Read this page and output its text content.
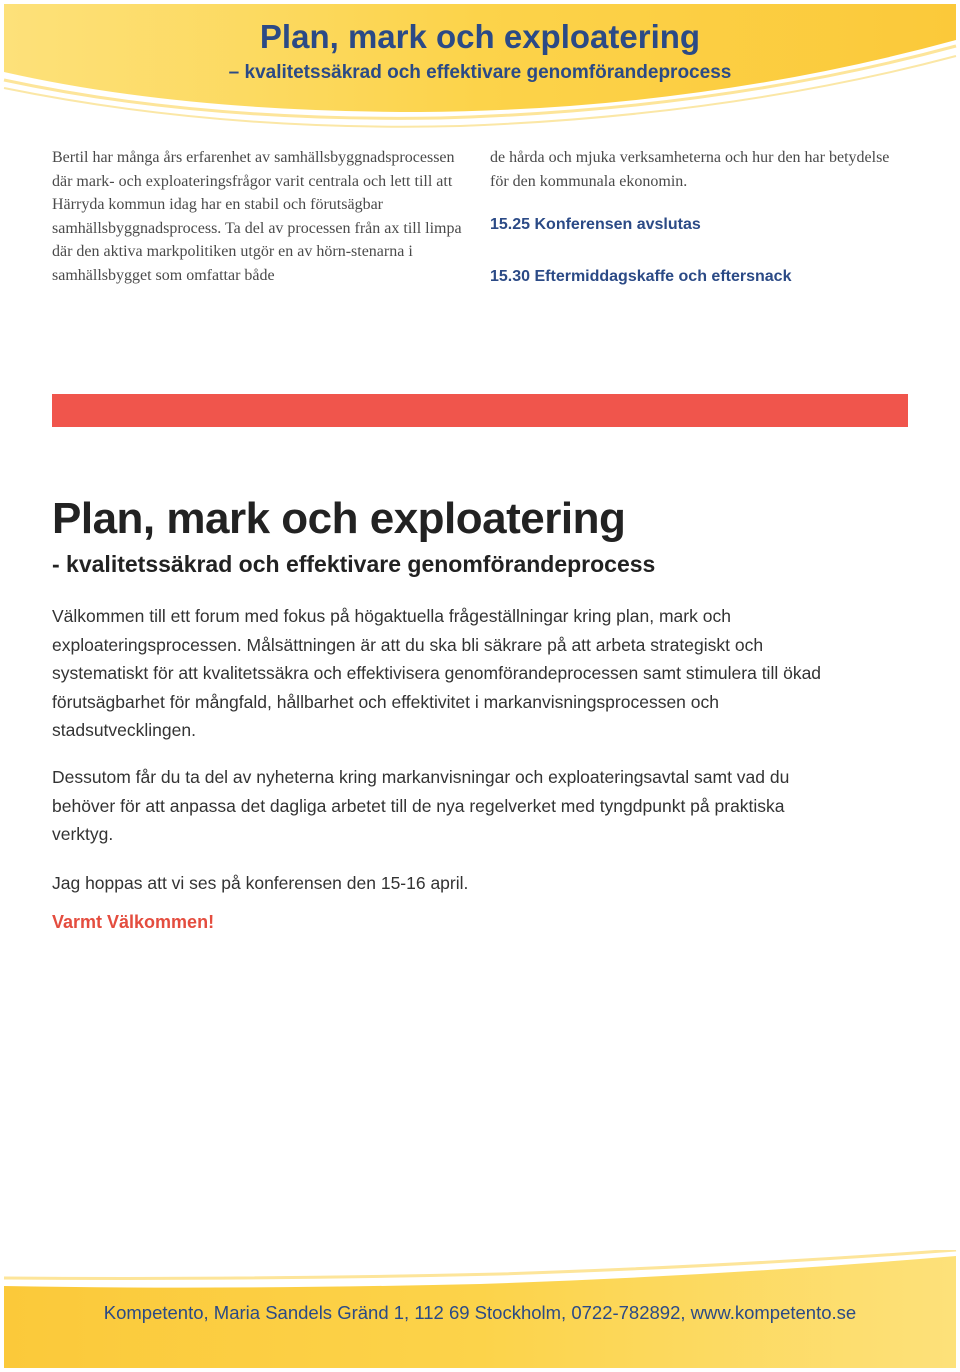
Plan, mark och exploatering
– kvalitetssäkrad och effektivare genomförandeprocess
Bertil har många års erfarenhet av samhällsbyggnadsprocessen där mark- och exploateringsfrågor varit centrala och lett till att Härryda kommun idag har en stabil och förutsägbar samhällsbyggnadsprocess. Ta del av processen från ax till limpa där den aktiva markpolitiken utgör en av hörn-stenarna i samhällsbygget som omfattar både
de hårda och mjuka verksamheterna och hur den har betydelse för den kommunala ekonomin.
15.25 Konferensen avslutas
15.30 Eftermiddagskaffe och eftersnack
Plan, mark och exploatering
- kvalitetssäkrad och effektivare genomförandeprocess
Välkommen till ett forum med fokus på högaktuella frågeställningar kring plan, mark och exploateringsprocessen. Målsättningen är att du ska bli säkrare på att arbeta strategiskt och systematiskt för att kvalitetssäkra och effektivisera genomförandeprocessen samt stimulera till ökad förutsägbarhet för mångfald, hållbarhet och effektivitet i markanvisningsprocessen och stadsutvecklingen.
Dessutom får du ta del av nyheterna kring markanvisningar och exploateringsavtal samt vad du behöver för att anpassa det dagliga arbetet till de nya regelverket med tyngdpunkt på praktiska verktyg.
Jag hoppas att vi ses på konferensen den 15-16 april.
Varmt Välkommen!
Kompetento, Maria Sandels Gränd 1, 112 69 Stockholm, 0722-782892, www.kompetento.se
